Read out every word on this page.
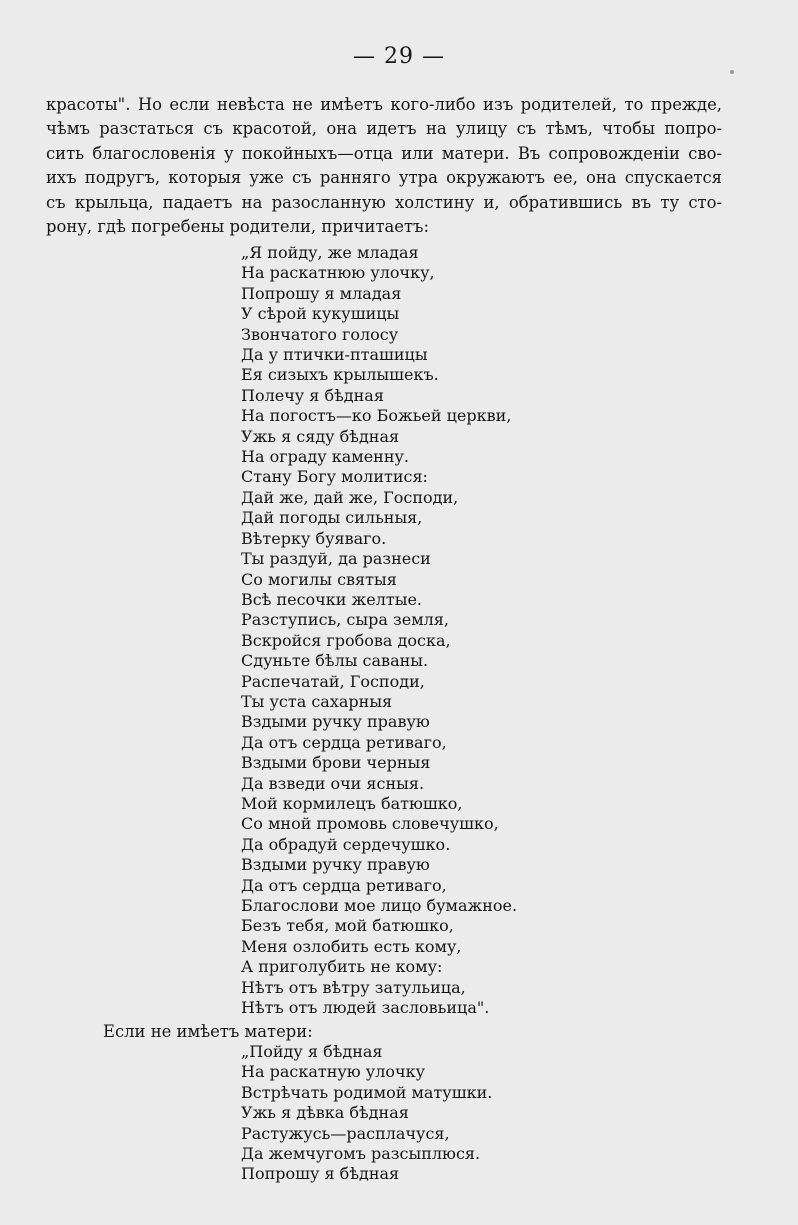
— 29 —
красоты". Но если невѣста не имѣетъ кого-либо изъ родителей, то прежде,
чѣмъ разстаться съ красотой, она идетъ на улицу съ тѣмъ, чтобы попро-
сить благословенія у покойныхъ—отца или матери. Въ сопровожденіи сво-
ихъ подругъ, которыя уже съ ранняго утра окружаютъ ее, она спускается
съ крыльца, падаетъ на разосланную холстину и, обратившись въ ту сто-
рону, гдѣ погребены родители, причитаетъ:
„Я пойду, же младая
На раскатнюю улочку,
Попрошу я младая
У сѣрой кукушицы
Звончатого голосу
Да у птички-пташицы
Ея сизыхъ крылышекъ.
Полечу я бѣдная
На погостъ—ко Божьей церкви,
Ужь я сяду бѣдная
На ограду каменну.
Стану Богу молитися:
Дай же, дай же, Господи,
Дай погоды сильныя,
Вѣтерку буяваго.
Ты раздуй, да разнеси
Со могилы святыя
Всѣ песочки желтые.
Разступись, сыра земля,
Вскройся гробова доска,
Сдуньте бѣлы саваны.
Распечатай, Господи,
Ты уста сахарныя
Вздыми ручку правую
Да отъ сердца ретиваго,
Вздыми брови черныя
Да взведи очи ясныя.
Мой кормилецъ батюшко,
Со мной промовь словечушко,
Да обрадуй сердечушко.
Вздыми ручку правую
Да отъ сердца ретиваго,
Благослови мое лицо бумажное.
Безъ тебя, мой батюшко,
Меня озлобить есть кому,
А приголубить не кому:
Нѣтъ отъ вѣтру затульица,
Нѣтъ отъ людей засловьица".
Если не имѣетъ матери:
„Пойду я бѣдная
На раскатную улочку
Встрѣчать родимой матушки.
Ужь я дѣвка бѣдная
Растужусь—расплачуся,
Да жемчугомъ разсыплюся.
Попрошу я бѣдная
